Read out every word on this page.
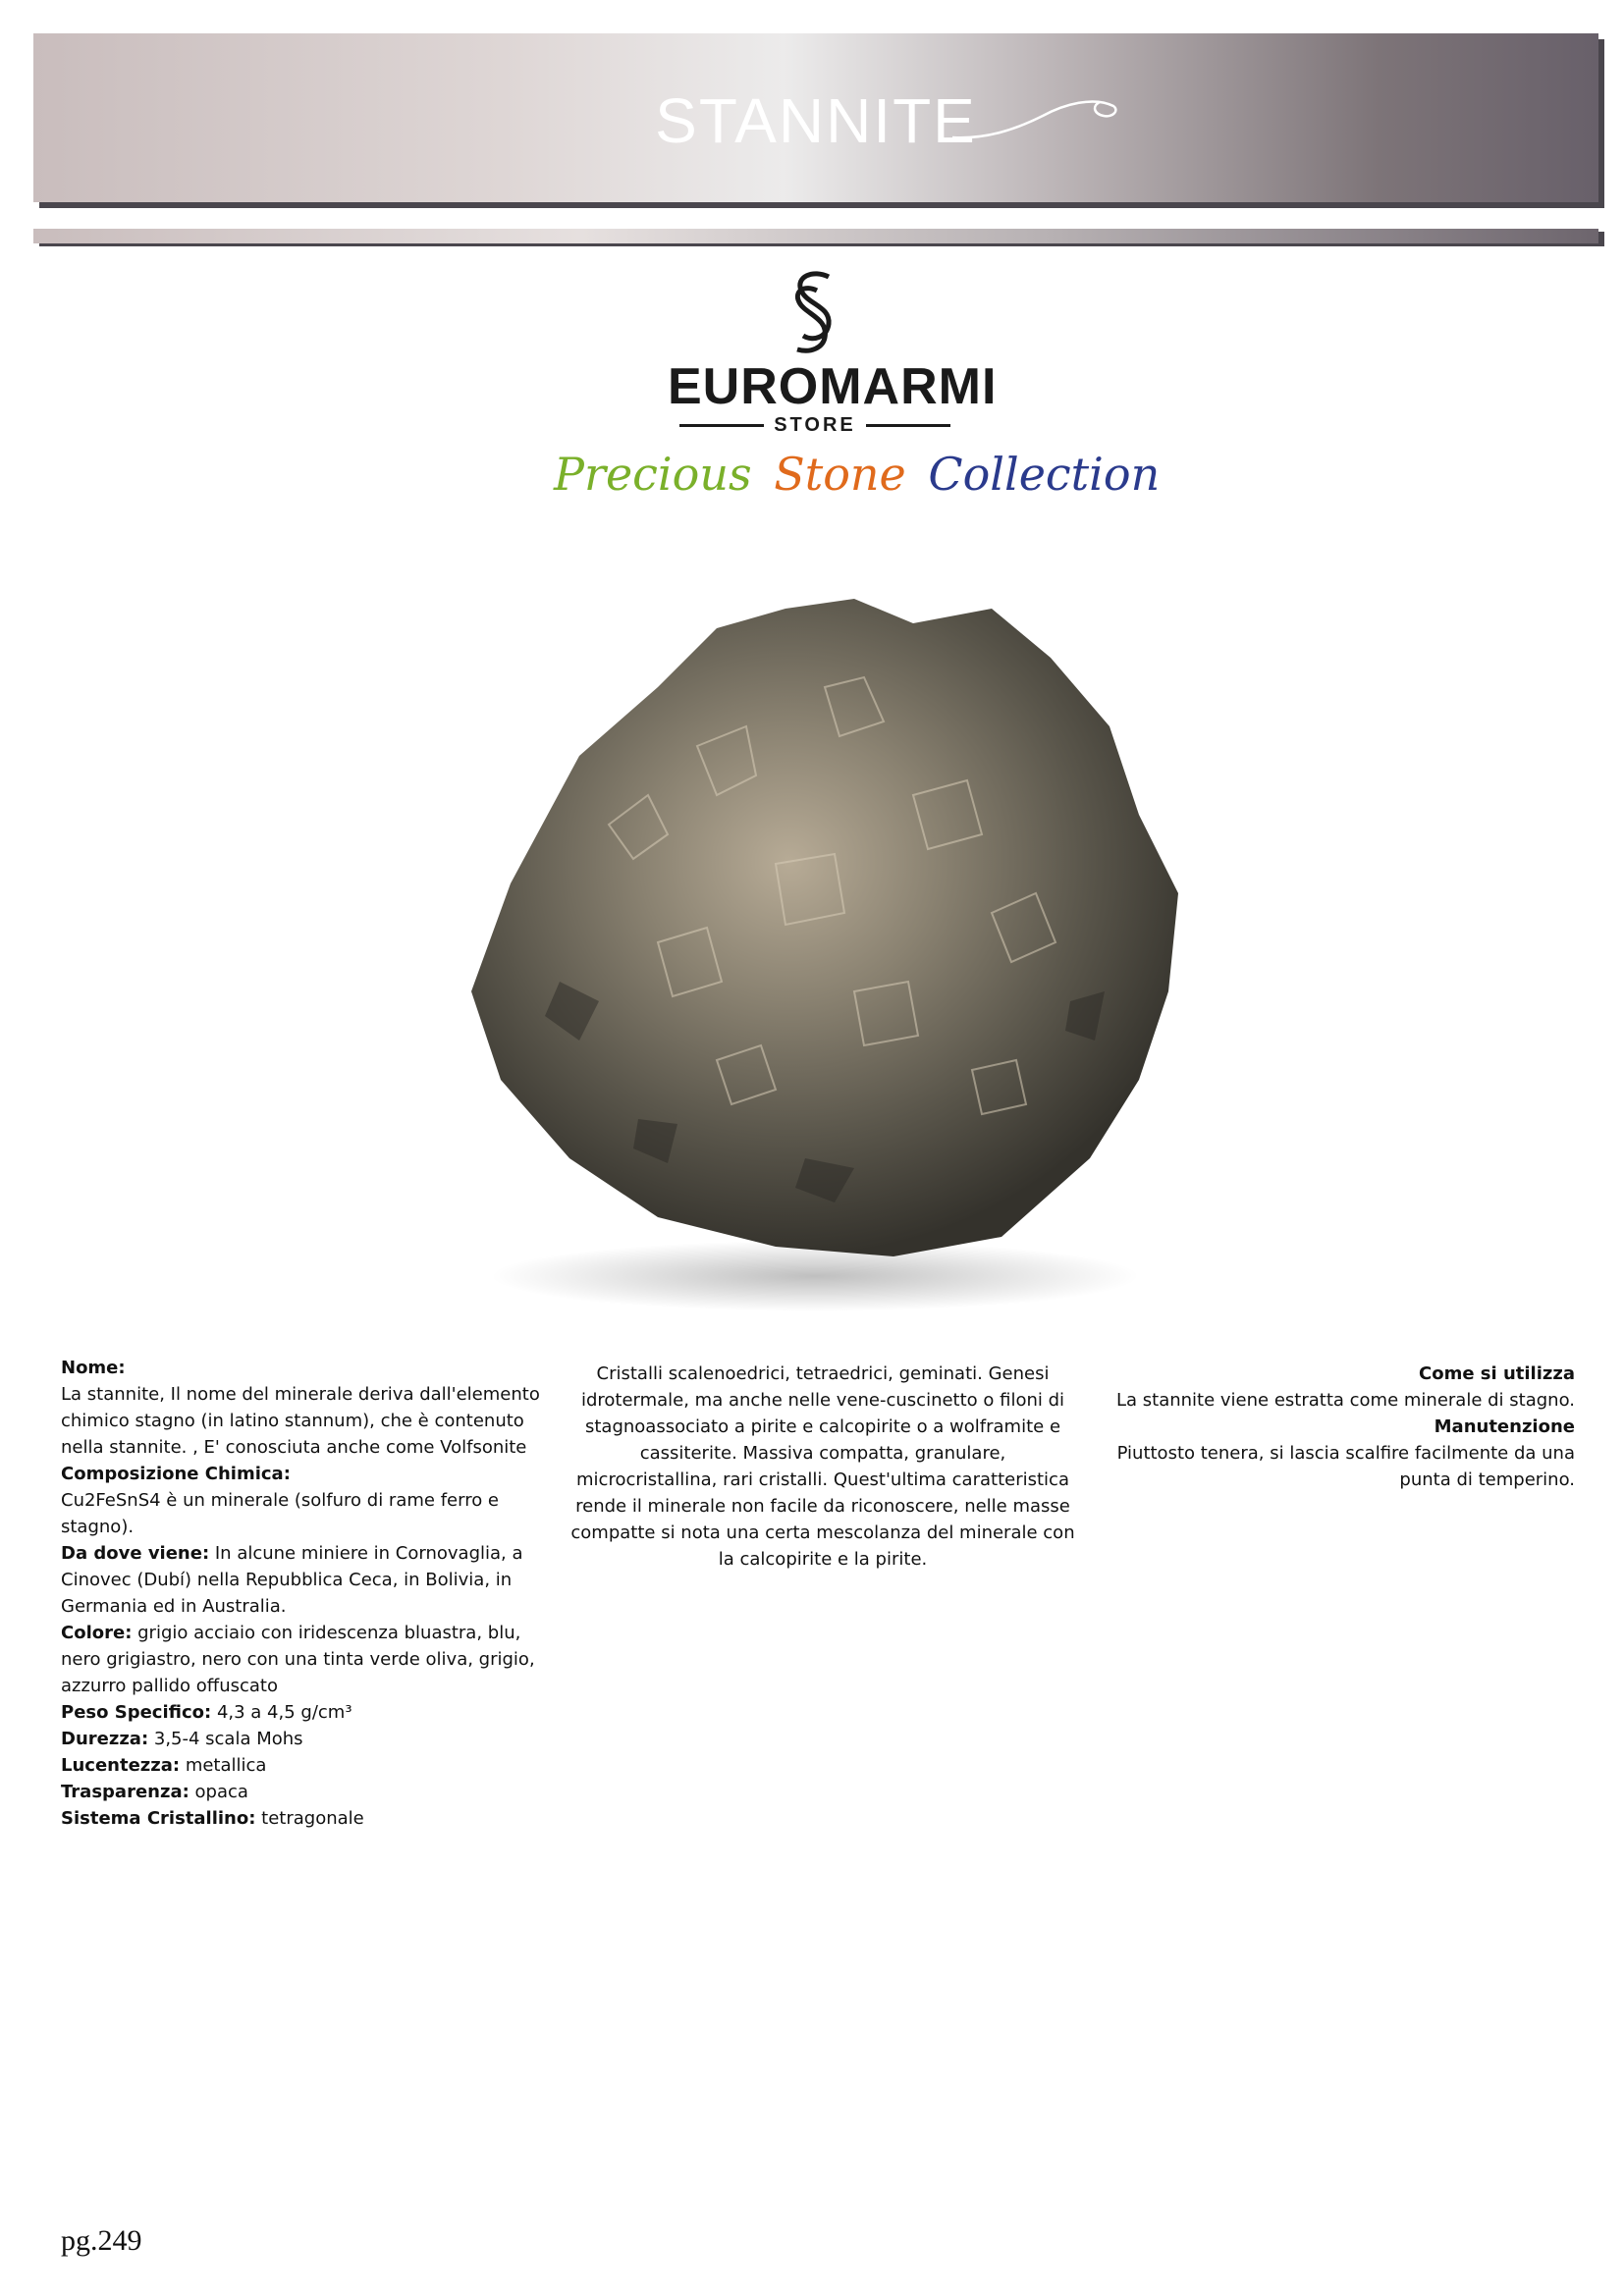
STANNITE
EUROMARMI
STORE
Precious Stone Collection

Nome:

La stannite, Il nome del minerale deriva dall'elemento chimico stagno (in latino stannum), che è contenuto nella stannite. , E' conosciuta anche come Volfsonite

Composizione Chimica:

Cu2FeSnS4 è un minerale (solfuro di rame ferro e stagno).

Da dove viene: In alcune miniere in Cornovaglia, a Cinovec (Dubí) nella Repubblica Ceca, in Bolivia, in Germania ed in Australia.

Colore: grigio acciaio con iridescenza bluastra, blu, nero grigiastro, nero con una tinta verde oliva, grigio, azzurro pallido offuscato

Peso Specifico: 4,3 a 4,5 g/cm³

Durezza: 3,5-4 scala Mohs

Lucentezza: metallica

Trasparenza: opaca

Sistema Cristallino: tetragonale

Cristalli scalenoedrici, tetraedrici, geminati. Genesi idrotermale, ma anche nelle vene-cuscinetto o filoni di stagnoassociato a pirite e calcopirite o a wolframite e cassiterite. Massiva compatta, granulare, microcristallina, rari cristalli. Quest'ultima caratteristica rende il minerale non facile da riconoscere, nelle masse compatte si nota una certa mescolanza del minerale con la calcopirite e la pirite.

Come si utilizza

La stannite viene estratta come minerale di stagno.

Manutenzione

Piuttosto tenera, si lascia scalfire facilmente da una punta di temperino.

pg.249
